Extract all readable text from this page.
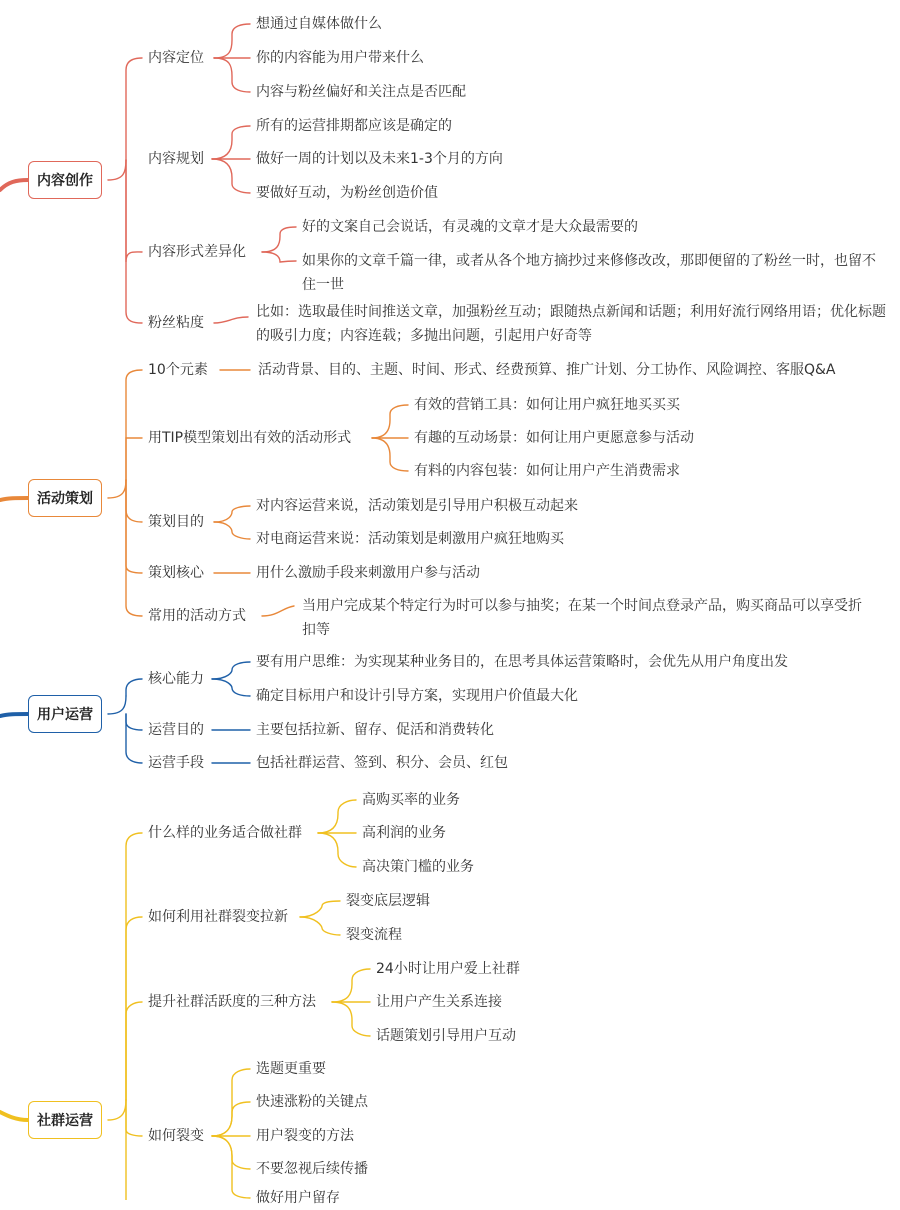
内容创作
内容定位
想通过自媒体做什么
你的内容能为用户带来什么
内容与粉丝偏好和关注点是否匹配
内容规划
所有的运营排期都应该是确定的
做好一周的计划以及未来1-3个月的方向
要做好互动，为粉丝创造价值
内容形式差异化
好的文案自己会说话，有灵魂的文章才是大众最需要的
如果你的文章千篇一律，或者从各个地方摘抄过来修修改改，那即便留的了粉丝一时，也留不住一世
粉丝粘度
比如：选取最佳时间推送文章，加强粉丝互动；跟随热点新闻和话题；利用好流行网络用语；优化标题的吸引力度；内容连载；多抛出问题，引起用户好奇等
活动策划
10个元素	活动背景、目的、主题、时间、形式、经费预算、推广计划、分工协作、风险调控、客服Q&A
用TIP模型策划出有效的活动形式
有效的营销工具：如何让用户疯狂地买买买
有趣的互动场景：如何让用户更愿意参与活动
有料的内容包装：如何让用户产生消费需求
策划目的
对内容运营来说，活动策划是引导用户积极互动起来
对电商运营来说：活动策划是刺激用户疯狂地购买
策划核心	用什么激励手段来刺激用户参与活动
常用的活动方式
当用户完成某个特定行为时可以参与抽奖；在某一个时间点登录产品，购买商品可以享受折扣等
用户运营
核心能力
要有用户思维：为实现某种业务目的，在思考具体运营策略时，会优先从用户角度出发
确定目标用户和设计引导方案，实现用户价值最大化
运营目的	主要包括拉新、留存、促活和消费转化
运营手段	包括社群运营、签到、积分、会员、红包
社群运营
什么样的业务适合做社群
高购买率的业务
高利润的业务
高决策门槛的业务
如何利用社群裂变拉新
裂变底层逻辑
裂变流程
提升社群活跃度的三种方法
24小时让用户爱上社群
让用户产生关系连接
话题策划引导用户互动
如何裂变
选题更重要
快速涨粉的关键点
用户裂变的方法
不要忽视后续传播
做好用户留存
